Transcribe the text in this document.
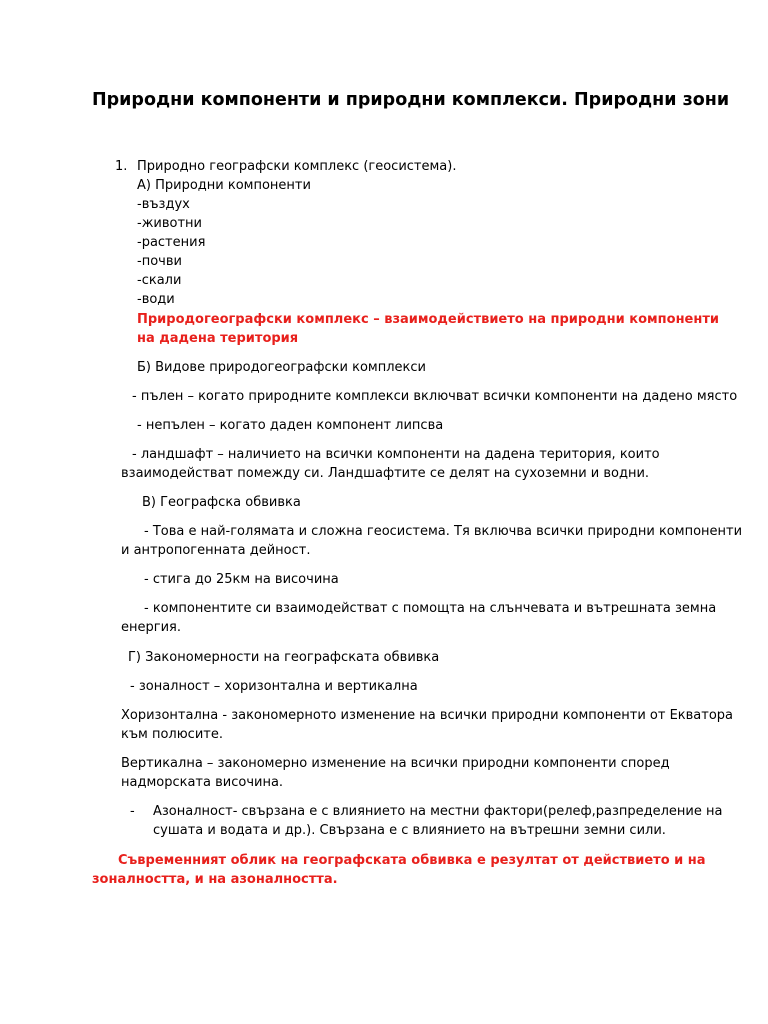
Природни компоненти и природни комплекси. Природни зони
1. Природно географски комплекс (геосистема).
А) Природни компоненти
-въздух
-животни
-растения
-почви
-скали
-води
Природогеографски комплекс – взаимодействието на природни компоненти
на дадена територия
Б) Видове природогеографски комплекси
- пълен – когато природните комплекси включват всички компоненти на дадено място
- непълен – когато даден компонент липсва
- ландшафт – наличието на всички компоненти на дадена територия, които
взаимодействат помежду си. Ландшафтите се делят на сухоземни и водни.
В) Географска обвивка
- Това е най-голямата и сложна геосистема. Тя включва всички природни компоненти
и антропогенната дейност.
- стига до 25км на височина
- компонентите си взаимодействат с помощта на слънчевата и вътрешната земна
енергия.
Г) Закономерности на географската обвивка
- зоналност – хоризонтална и вертикална
Хоризонтална - закономерното изменение на всички природни компоненти от Екватора
към полюсите.
Вертикална – закономерно изменение на всички природни компоненти според
надморската височина.
- Азоналност- свързана е с влиянието на местни фактори(релеф,разпределение на
сушата и водата и др.). Свързана е с влиянието на вътрешни земни сили.
Съвременният облик на географската обвивка е резултат от действието и на
зоналността, и на азоналността.
